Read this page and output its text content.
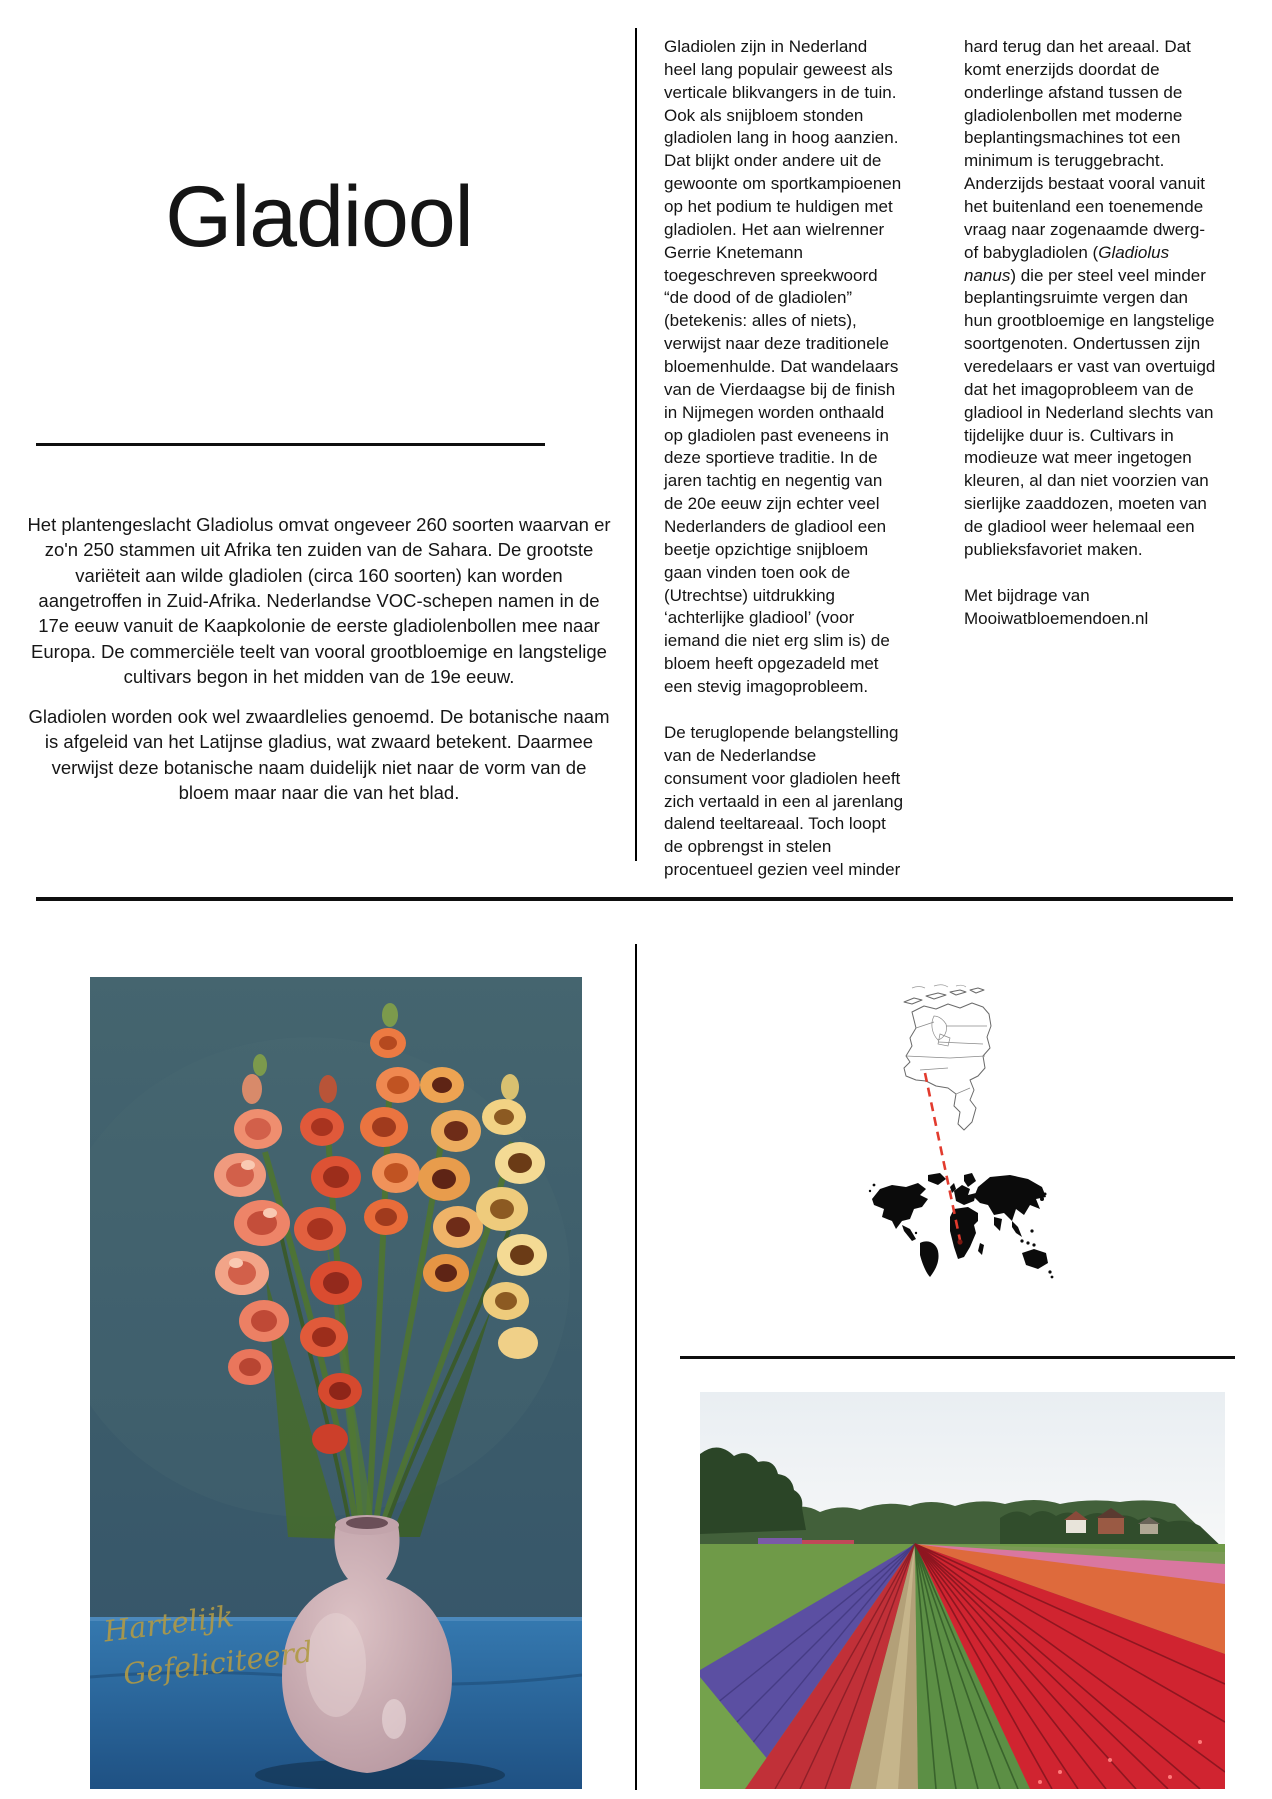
Gladiool

Het plantengeslacht Gladiolus omvat ongeveer 260 soorten waarvan er zo'n 250 stammen uit Afrika ten zuiden van de Sahara. De grootste variëteit aan wilde gladiolen (circa 160 soorten) kan worden aangetroffen in Zuid-Afrika. Nederlandse VOC-schepen namen in de 17e eeuw vanuit de Kaapkolonie de eerste gladiolenbollen mee naar Europa. De commerciële teelt van vooral grootbloemige en langstelige cultivars begon in het midden van de 19e eeuw.

Gladiolen worden ook wel zwaardlelies genoemd. De botanische naam is afgeleid van het Latijnse gladius, wat zwaard betekent. Daarmee verwijst deze botanische naam duidelijk niet naar de vorm van de bloem maar naar die van het blad.

Gladiolen zijn in Nederland heel lang populair geweest als verticale blikvangers in de tuin. Ook als snijbloem stonden gladiolen lang in hoog aanzien. Dat blijkt onder andere uit de gewoonte om sportkampioenen op het podium te huldigen met gladiolen. Het aan wielrenner Gerrie Knetemann toegeschreven spreekwoord “de dood of de gladiolen” (betekenis: alles of niets), verwijst naar deze traditionele bloemenhulde. Dat wandelaars van de Vierdaagse bij de finish in Nijmegen worden onthaald op gladiolen past eveneens in deze sportieve traditie. In de jaren tachtig en negentig van de 20e eeuw zijn echter veel Nederlanders de gladiool een beetje opzichtige snijbloem gaan vinden toen ook de (Utrechtse) uitdrukking ‘achterlijke gladiool’ (voor iemand die niet erg slim is) de bloem heeft opgezadeld met een stevig imagoprobleem.

De teruglopende belangstelling van de Nederlandse consument voor gladiolen heeft zich vertaald in een al jarenlang dalend teeltareaal. Toch loopt de opbrengst in stelen procentueel gezien veel minder

hard terug dan het areaal. Dat komt enerzijds doordat de onderlinge afstand tussen de gladiolenbollen met moderne beplantingsmachines tot een minimum is teruggebracht. Anderzijds bestaat vooral vanuit het buitenland een toenemende vraag naar zogenaamde dwerg- of babygladiolen (Gladiolus nanus) die per steel veel minder beplantingsruimte vergen dan hun grootbloemige en langstelige soortgenoten. Ondertussen zijn veredelaars er vast van overtuigd dat het imagoprobleem van de gladiool in Nederland slechts van tijdelijke duur is. Cultivars in modieuze wat meer ingetogen kleuren, al dan niet voorzien van sierlijke zaaddozen, moeten van de gladiool weer helemaal een publieksfavoriet maken.

Met bijdrage van
Mooiwatbloemendoen.nl

Hartelijk
Gefeliciteerd
